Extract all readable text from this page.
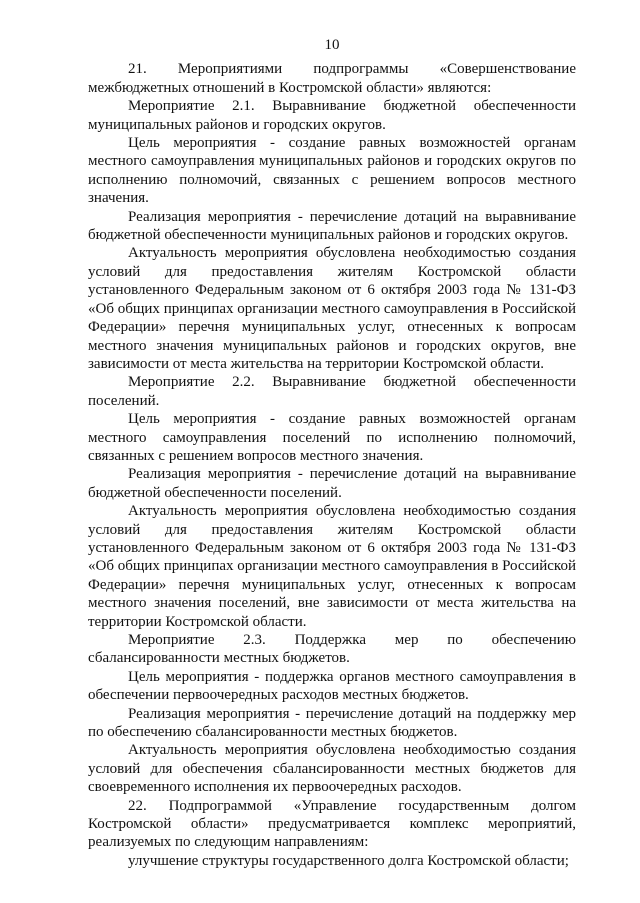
10

21. Мероприятиями подпрограммы «Совершенствование межбюджетных отношений в Костромской области» являются:

Мероприятие 2.1. Выравнивание бюджетной обеспеченности муниципальных районов и городских округов.

Цель мероприятия - создание равных возможностей органам местного самоуправления муниципальных районов и городских округов по исполнению полномочий, связанных с решением вопросов местного значения.

Реализация мероприятия - перечисление дотаций на выравнивание бюджетной обеспеченности муниципальных районов и городских округов.

Актуальность мероприятия обусловлена необходимостью создания условий для предоставления жителям Костромской области установленного Федеральным законом от 6 октября 2003 года № 131-ФЗ «Об общих принципах организации местного самоуправления в Российской Федерации» перечня муниципальных услуг, отнесенных к вопросам местного значения муниципальных районов и городских округов, вне зависимости от места жительства на территории Костромской области.

Мероприятие 2.2. Выравнивание бюджетной обеспеченности поселений.

Цель мероприятия - создание равных возможностей органам местного самоуправления поселений по исполнению полномочий, связанных с решением вопросов местного значения.

Реализация мероприятия - перечисление дотаций на выравнивание бюджетной обеспеченности поселений.

Актуальность мероприятия обусловлена необходимостью создания условий для предоставления жителям Костромской области установленного Федеральным законом от 6 октября 2003 года № 131-ФЗ «Об общих принципах организации местного самоуправления в Российской Федерации» перечня муниципальных услуг, отнесенных к вопросам местного значения поселений, вне зависимости от места жительства на территории Костромской области.

Мероприятие 2.3. Поддержка мер по обеспечению сбалансированности местных бюджетов.

Цель мероприятия - поддержка органов местного самоуправления в обеспечении первоочередных расходов местных бюджетов.

Реализация мероприятия - перечисление дотаций на поддержку мер по обеспечению сбалансированности местных бюджетов.

Актуальность мероприятия обусловлена необходимостью создания условий для обеспечения сбалансированности местных бюджетов для своевременного исполнения их первоочередных расходов.

22. Подпрограммой «Управление государственным долгом Костромской области» предусматривается комплекс мероприятий, реализуемых по следующим направлениям:

улучшение структуры государственного долга Костромской области;
